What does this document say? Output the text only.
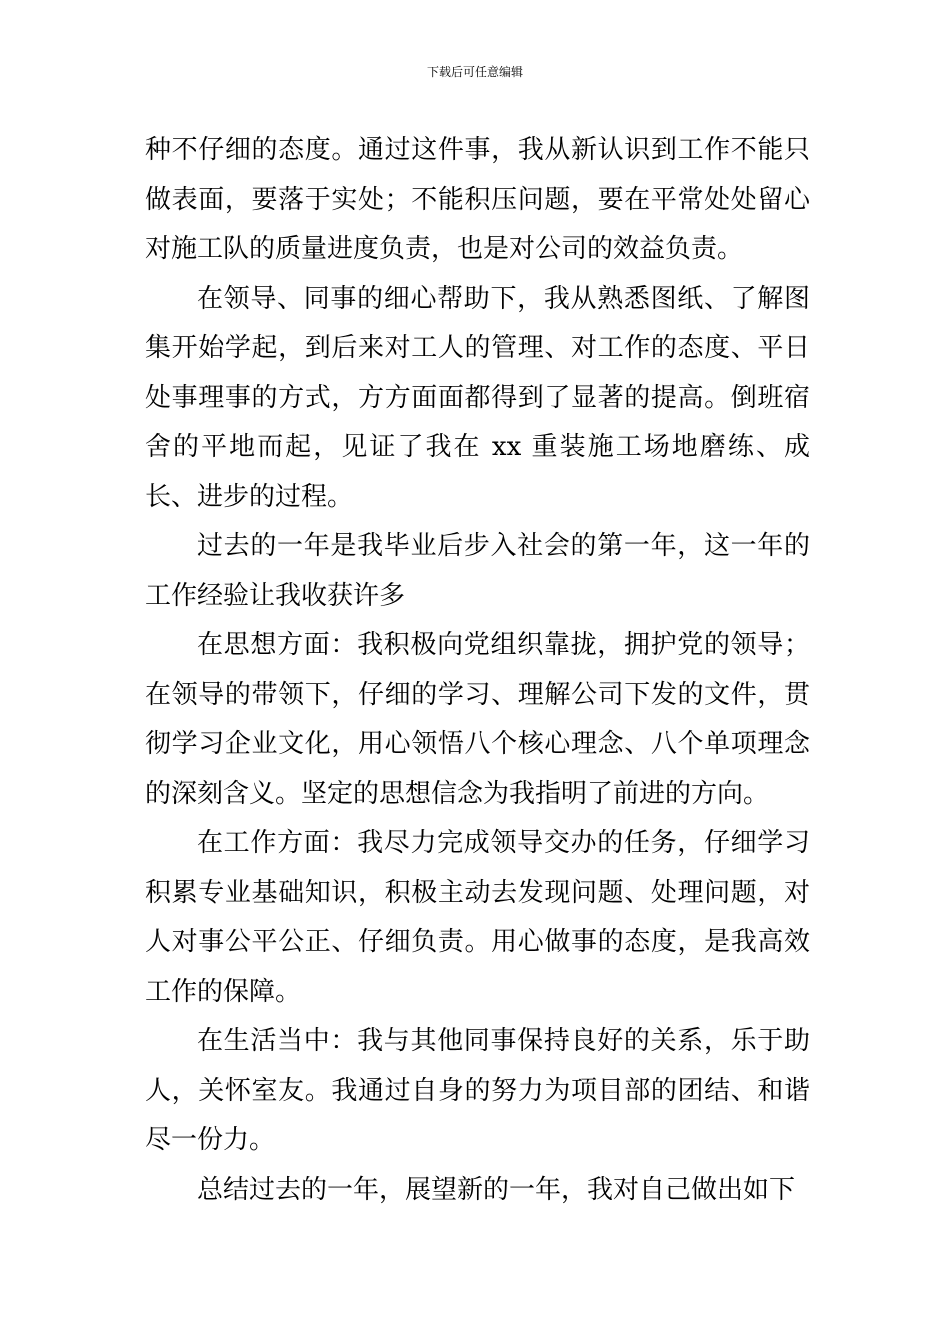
下载后可任意编辑

种不仔细的态度。通过这件事，我从新认识到工作不能只做表面，要落于实处；不能积压问题，要在平常处处留心对施工队的质量进度负责，也是对公司的效益负责。

在领导、同事的细心帮助下，我从熟悉图纸、了解图集开始学起，到后来对工人的管理、对工作的态度、平日处事理事的方式，方方面面都得到了显著的提高。倒班宿舍的平地而起，见证了我在 xx 重装施工场地磨练、成长、进步的过程。

过去的一年是我毕业后步入社会的第一年，这一年的工作经验让我收获许多

在思想方面：我积极向党组织靠拢，拥护党的领导；在领导的带领下，仔细的学习、理解公司下发的文件，贯彻学习企业文化，用心领悟八个核心理念、八个单项理念的深刻含义。坚定的思想信念为我指明了前进的方向。

在工作方面：我尽力完成领导交办的任务，仔细学习积累专业基础知识，积极主动去发现问题、处理问题，对人对事公平公正、仔细负责。用心做事的态度，是我高效工作的保障。

在生活当中：我与其他同事保持良好的关系，乐于助人，关怀室友。我通过自身的努力为项目部的团结、和谐尽一份力。

总结过去的一年，展望新的一年，我对自己做出如下
